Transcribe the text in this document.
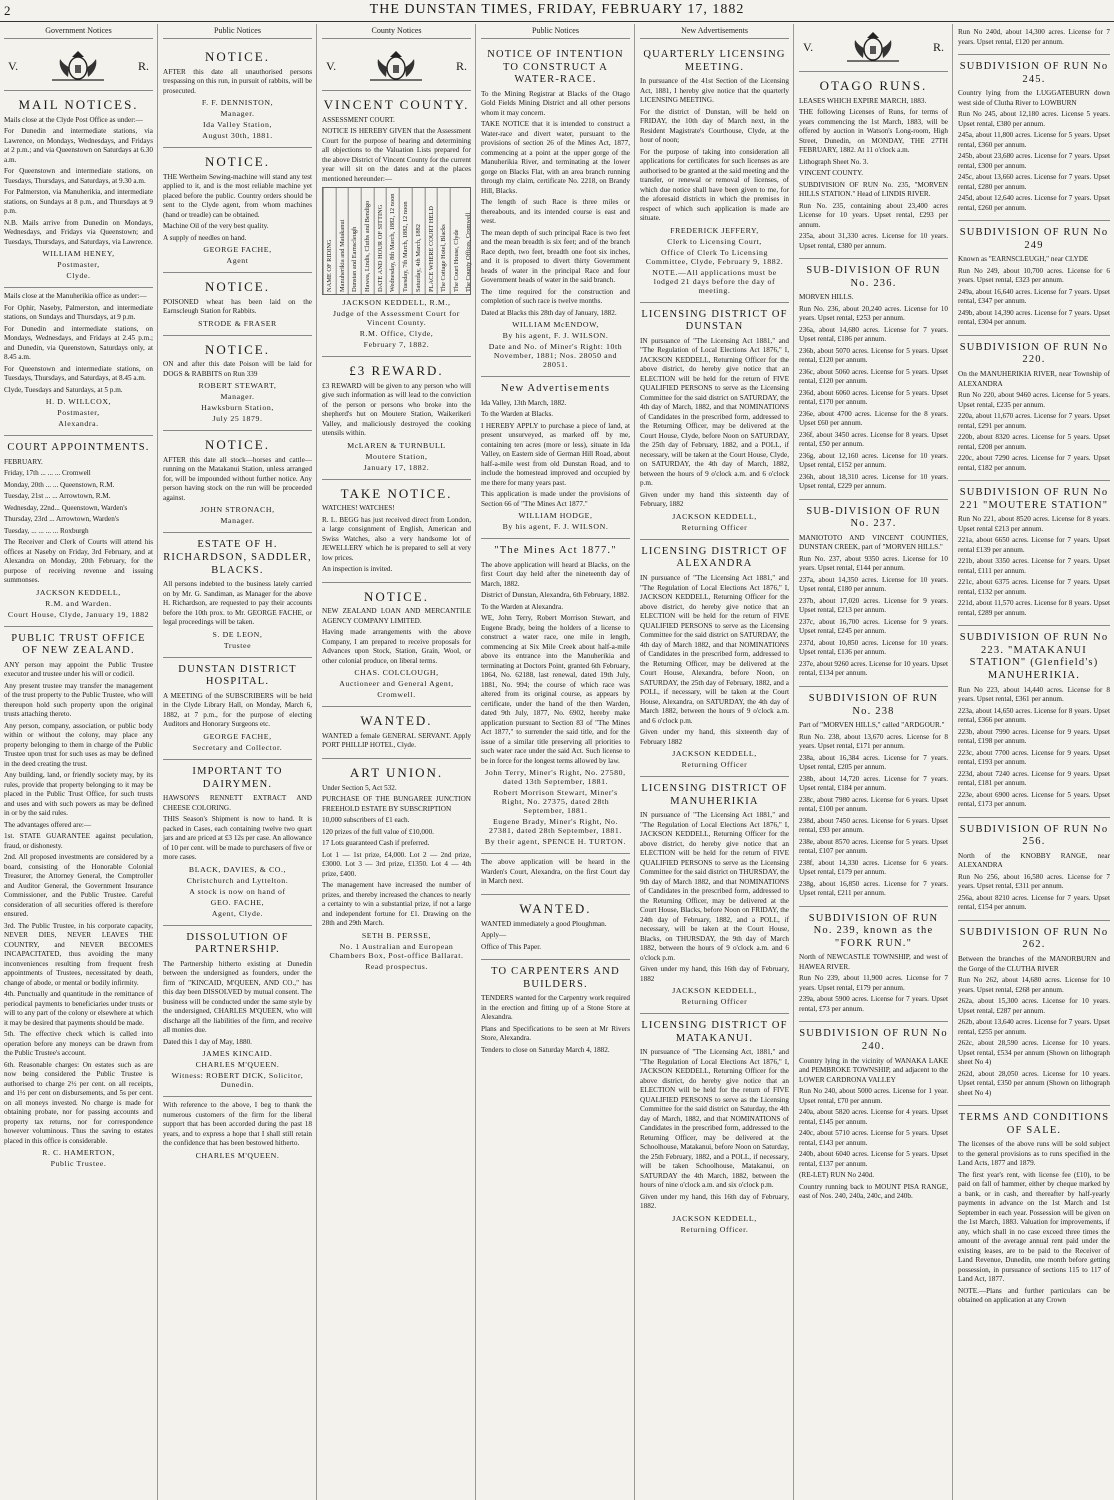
2	THE DUNSTAN TIMES, FRIDAY, FEBRUARY 17, 1882
Government Notices
V.	R.
MAIL NOTICES.

Mails close at the Clyde Post Office as under:—

For Dunedin and intermediate stations, via Lawrence, on Mondays, Wednesdays, and Fridays at 2 p.m.; and via Queenstown on Saturdays at 6.30 a.m.

For Queenstown and intermediate stations, on Tuesdays, Thursdays, and Saturdays, at 9.30 a.m.

For Palmerston, via Manuherikia, and intermediate stations, on Sundays at 8 p.m., and Thursdays at 9 p.m.

N.B. Mails arrive from Dunedin on Mondays, Wednesdays, and Fridays via Queenstown; and Tuesdays, Thursdays, and Saturdays, via Lawrence.

WILLIAM HENEY,
Postmaster,
Clyde.

Mails close at the Manuherikia office as under:—

For Ophir, Naseby, Palmerston, and intermediate stations, on Sundays and Thursdays, at 9 p.m.

For Dunedin and intermediate stations, on Mondays, Wednesdays, and Fridays at 2.45 p.m.; and Dunedin, via Queenstown, Saturdays only, at 8.45 a.m.

For Queenstown and intermediate stations, on Tuesdays, Thursdays, and Saturdays, at 8.45 a.m.

Clyde, Tuesdays and Saturdays, at 5 p.m.

H. D. WILLCOX,
Postmaster,
Alexandra.
COURT APPOINTMENTS.

FEBRUARY.

Friday, 17th ... ... ... Cromwell

Monday, 20th ... ... Queenstown, R.M.

Tuesday, 21st ... ... Arrowtown, R.M.

Wednesday, 22nd... Queenstown, Warden's

Thursday, 23rd ... Arrowtown, Warden's

Tuesday, ... ... ... ... Roxburgh

The Receiver and Clerk of Courts will attend his offices at Naseby on Friday, 3rd February, and at Alexandra on Monday, 20th February, for the purpose of receiving revenue and issuing summonses.

JACKSON KEDDELL,
R.M. and Warden.
Court House, Clyde, January 19, 1882
PUBLIC TRUST OFFICE OF NEW ZEALAND.

ANY person may appoint the Public Trustee executor and trustee under his will or codicil.

Any present trustee may transfer the management of the trust property to the Public Trustee, who will thereupon hold such property upon the original trusts attaching thereto.

Any person, company, association, or public body within or without the colony, may place any property belonging to them in charge of the Public Trustee upon trust for such uses as may be defined in the deed creating the trust.

Any building, land, or friendly society may, by its rules, provide that property belonging to it may be placed in the Public Trust Office, for such trusts and uses and with such powers as may be defined in or by the said rules.

The advantages offered are:—

1st. STATE GUARANTEE against peculation, fraud, or dishonesty.

2nd. All proposed investments are considered by a board, consisting of the Honorable Colonial Treasurer, the Attorney General, the Comptroller and Auditor General, the Government Insurance Commissioner, and the Public Trustee. Careful consideration of all securities offered is therefore ensured.

3rd. The Public Trustee, in his corporate capacity, NEVER DIES, NEVER LEAVES THE COUNTRY, and NEVER BECOMES INCAPACITATED, thus avoiding the many inconveniences resulting from frequent fresh appointments of Trustees, necessitated by death, change of abode, or mental or bodily infirmity.

4th. Punctually and quantitude in the remittance of periodical payments to beneficiaries under trusts or will to any part of the colony or elsewhere at which it may be desired that payments should be made.

5th. The effective check which is called into operation before any moneys can be drawn from the Public Trustee's account.

6th. Reasonable charges: On estates such as are now being considered the Public Trustee is authorised to charge 2½ per cent. on all receipts, and 1½ per cent on disbursements, and 5s per cent. on all moneys invested. No charge is made for obtaining probate, nor for passing accounts and property tax returns, nor for correspondence however voluminous. Thus the saving to estates placed in this office is considerable.

R. C. HAMERTON,
Public Trustee.
Public Notices
NOTICE.

AFTER this date all unauthorised persons trespassing on this run, in pursuit of rabbits, will be prosecuted.

F. F. DENNISTON,
Manager.
Ida Valley Station,
August 30th, 1881.
NOTICE.

THE Wertheim Sewing-machine will stand any test applied to it, and is the most reliable machine yet placed before the public. Country orders should be sent to the Clyde agent, from whom machines (hand or treadle) can be obtained.

Machine Oil of the very best quality.

A supply of needles on hand.

GEORGE FACHE,
Agent
NOTICE.

POISONED wheat has been laid on the Earnscleugh Station for Rabbits.

STRODE & FRASER
NOTICE.

ON and after this date Poison will be laid for DOGS & RABBITS on Run 339

ROBERT STEWART,
Manager.
Hawksburn Station,
July 25 1879.
NOTICE.

AFTER this date all stock—horses and cattle—running on the Matakanui Station, unless arranged for, will be impounded without further notice. Any person having stock on the run will be proceeded against.

JOHN STRONACH,
Manager.
ESTATE OF H. RICHARDSON, SADDLER, BLACKS.

All persons indebted to the business lately carried on by Mr. G. Sandiman, as Manager for the above H. Richardson, are requested to pay their accounts before the 10th prox. to Mr. GEORGE FACHE, or legal proceedings will be taken.

S. DE LEON,
Trustee
DUNSTAN DISTRICT HOSPITAL.

A MEETING of the SUBSCRIBERS will be held in the Clyde Library Hall, on Monday, March 6, 1882, at 7 p.m., for the purpose of electing Auditors and Honorary Surgeons etc.

GEORGE FACHE,
Secretary and Collector.
IMPORTANT TO DAIRYMEN.

HAWSON'S RENNETT EXTRACT AND CHEESE COLORING.

THIS Season's Shipment is now to hand. It is packed in Cases, each containing twelve two quart jars and are priced at £3 12s per case. An allowance of 10 per cent. will be made to purchasers of five or more cases.

BLACK, DAVIES, & CO.,
Christchurch and Lyttelton.
A stock is now on hand of
GEO. FACHE,
Agent, Clyde.
DISSOLUTION OF PARTNERSHIP.

The Partnership hitherto existing at Dunedin between the undersigned as founders, under the firm of "KINCAID, M'QUEEN, AND CO.," has this day been DISSOLVED by mutual consent. The business will be conducted under the same style by the undersigned, CHARLES M'QUEEN, who will discharge all the liabilities of the firm, and receive all monies due.

Dated this 1 day of May, 1880.

JAMES KINCAID.
CHARLES M'QUEEN.
Witness: ROBERT DICK, Solicitor, Dunedin.

With reference to the above, I beg to thank the numerous customers of the firm for the liberal support that has been accorded during the past 18 years, and to express a hope that I shall still retain the confidence that has been bestowed hitherto.

CHARLES M'QUEEN.
County Notices
V.	R.
VINCENT COUNTY.

ASSESSMENT COURT.

NOTICE IS HEREBY GIVEN that the Assessment Court for the purpose of hearing and determining all objections to the Valuation Lists prepared for the above District of Vincent County for the current year will sit on the dates and at the places mentioned hereunder:—

NAME OF RIDING Manuherikia and Matakanui Dunstan and Earnscleugh Hawea, Lindis, Cluths and Bendigo DATE AND HOUR OF SITTING Wednesday, 8th March, 1882, 12 noon Tuesday, 7th March, 1882, 12 noon Saturday, 4th March, 1882 PLACE WHERE COURT HELD The Cottage Hotel, Blacks The Court House, Clyde The County Offices, Cromwell
JACKSON KEDDELL, R.M.,
Judge of the Assessment Court for Vincent County.
R.M. Office, Clyde,
February 7, 1882.
£3 REWARD.

£3 REWARD will be given to any person who will give such information as will lead to the conviction of the person or persons who broke into the shepherd's hut on Moutere Station, Waikerikeri Valley, and maliciously destroyed the cooking utensils within.

McLAREN & TURNBULL
Moutere Station,
January 17, 1882.
TAKE NOTICE.

WATCHES! WATCHES!

R. L. BEGG has just received direct from London, a large consignment of English, American and Swiss Watches, also a very handsome lot of JEWELLERY which he is prepared to sell at very low prices.

An inspection is invited.

NOTICE.

NEW ZEALAND LOAN AND MERCANTILE AGENCY COMPANY LIMITED.

Having made arrangements with the above Company, I am prepared to receive proposals for Advances upon Stock, Station, Grain, Wool, or other colonial produce, on liberal terms.

CHAS. COLCLOUGH,
Auctioneer and General Agent,
Cromwell.
WANTED.

WANTED a female GENERAL SERVANT. Apply PORT PHILLIP HOTEL, Clyde.

ART UNION.

Under Section 5, Act 532.

PURCHASE OF THE BUNGAREE JUNCTION FREEHOLD ESTATE BY SUBSCRIPTION

10,000 subscribers of £1 each.

120 prizes of the full value of £10,000.

17 Lots guaranteed Cash if preferred.

Lot 1 — 1st prize, £4,000. Lot 2 — 2nd prize, £3000. Lot 3 — 3rd prize, £1350. Lot 4 — 4th prize, £400.

The management have increased the number of prizes, and thereby increased the chances to nearly a certainty to win a substantial prize, if not a large and independent fortune for £1. Drawing on the 28th and 29th March.

SETH B. PERSSE,
No. 1 Australian and European Chambers Box, Post-office Ballarat.
Read prospectus.
Public Notices
NOTICE OF INTENTION TO CONSTRUCT A WATER-RACE.

To the Mining Registrar at Blacks of the Otago Gold Fields Mining District and all other persons whom it may concern.

TAKE NOTICE that it is intended to construct a Water-race and divert water, pursuant to the provisions of section 26 of the Mines Act, 1877, commencing at a point at the upper gorge of the Manuherikia River, and terminating at the lower gorge on Blacks Flat, with an area branch running through my claim, certificate No. 2218, on Brandy Hill, Blacks.

The length of such Race is three miles or thereabouts, and its intended course is east and west.

The mean depth of such principal Race is two feet and the mean breadth is six feet; and of the branch Race depth, two feet, breadth one foot six inches, and it is proposed to divert thirty Government heads of water in the principal Race and four Government heads of water in the said branch.

The time required for the construction and completion of such race is twelve months.

Dated at Blacks this 28th day of January, 1882.

WILLIAM McENDOW,
By his agent, F. J. WILSON.
Date and No. of Miner's Right: 10th November, 1881; Nos. 28050 and 28051.
New Advertisements

Ida Valley, 13th March, 1882.

To the Warden at Blacks.

I HEREBY APPLY to purchase a piece of land, at present unsurveyed, as marked off by me, containing ten acres (more or less), situate in Ida Valley, on Eastern side of German Hill Road, about half-a-mile west from old Dunstan Road, and to include the homestead improved and occupied by me there for many years past.

This application is made under the provisions of Section 66 of "The Mines Act 1877."

WILLIAM HODGE,
By his agent, F. J. WILSON.
"The Mines Act 1877."

The above application will heard at Blacks, on the first Court day held after the nineteenth day of March, 1882.

District of Dunstan, Alexandra, 6th February, 1882.

To the Warden at Alexandra.

WE, John Terry, Robert Morrison Stewart, and Eugene Brady, being the holders of a license to construct a water race, one mile in length, commencing at Six Mile Creek about half-a-mile above its entrance into the Manuherikia and terminating at Doctors Point, granted 6th February, 1864, No. 62188, last renewal, dated 19th July, 1881, No. 994; the course of which race was altered from its original course, as appears by certificate, under the hand of the then Warden, dated 9th July, 1877, No. 6902, hereby make application pursuant to Section 83 of "The Mines Act 1877," to surrender the said title, and for the issue of a similar title preserving all priorities to such water race under the said Act. Such license to be in force for the longest terms allowed by law.

John Terry, Miner's Right, No. 27580, dated 13th September, 1881.
Robert Morrison Stewart, Miner's Right, No. 27375, dated 28th September, 1881.
Eugene Brady, Miner's Right, No. 27381, dated 28th September, 1881.
By their agent, SPENCE H. TURTON.

The above application will be heard in the Warden's Court, Alexandra, on the first Court day in March next.

WANTED.

WANTED immediately a good Ploughman.

Apply—

Office of This Paper.

TO CARPENTERS AND BUILDERS.

TENDERS wanted for the Carpentry work required in the erection and fitting up of a Stone Store at Alexandra.

Plans and Specifications to be seen at Mr Rivers Store, Alexandra.

Tenders to close on Saturday March 4, 1882.

New Advertisements
QUARTERLY LICENSING MEETING.

In pursuance of the 41st Section of the Licensing Act, 1881, I hereby give notice that the quarterly LICENSING MEETING.

For the district of Dunstan, will be held on FRIDAY, the 10th day of March next, in the Resident Magistrate's Courthouse, Clyde, at the hour of noon;

For the purpose of taking into consideration all applications for certificates for such licenses as are authorised to be granted at the said meeting and the transfer, or renewal or removal of licenses, of which due notice shall have been given to me, for the aforesaid districts in which the premises in respect of which such application is made are situate.

FREDERICK JEFFERY,
Clerk to Licensing Court,
Office of Clerk To Licensing Committee, Clyde, February 9, 1882.
NOTE.—All applications must be lodged 21 days before the day of meeting.
LICENSING DISTRICT OF DUNSTAN

IN pursuance of "The Licensing Act 1881," and "The Regulation of Local Elections Act 1876," I, JACKSON KEDDELL, Returning Officer for the above district, do hereby give notice that an ELECTION will be held for the return of FIVE QUALIFIED PERSONS to serve as the Licensing Committee for the said district on SATURDAY, the 4th day of March, 1882, and that NOMINATIONS of Candidates in the prescribed form, addressed to the Returning Officer, may be delivered at the Court House, Clyde, before Noon on SATURDAY, the 25th day of February, 1882, and a POLL, if necessary, will be taken at the Court House, Clyde, on SATURDAY, the 4th day of March, 1882, between the hours of 9 o'clock a.m. and 6 o'clock p.m.

Given under my hand this sixteenth day of February, 1882

JACKSON KEDDELL,
Returning Officer
LICENSING DISTRICT OF ALEXANDRA

IN pursuance of "The Licensing Act 1881," and "The Regulation of Local Elections Act 1876," I, JACKSON KEDDELL, Returning Officer for the above district, do hereby give notice that an ELECTION will be held for the return of FIVE QUALIFIED PERSONS to serve as the Licensing Committee for the said district on SATURDAY, the 4th day of March 1882, and that NOMINATIONS of Candidates in the prescribed form, addressed to the Returning Officer, may be delivered at the Court House, Alexandra, before Noon, on SATURDAY, the 25th day of February, 1882, and a POLL, if necessary, will be taken at the Court House, Alexandra, on SATURDAY, the 4th day of March 1882, between the hours of 9 o'clock a.m. and 6 o'clock p.m.

Given under my hand, this sixteenth day of February 1882

JACKSON KEDDELL,
Returning Officer
LICENSING DISTRICT OF MANUHERIKIA

IN pursuance of "The Licensing Act 1881," and "The Regulation of Local Elections Act 1876," I, JACKSON KEDDELL, Returning Officer for the above district, do hereby give notice that an ELECTION will be held for the return of FIVE QUALIFIED PERSONS to serve as the Licensing Committee for the said district on THURSDAY, the 9th day of March 1882, and that NOMINATIONS of Candidates in the prescribed form, addressed to the Returning Officer, may be delivered at the Court House, Blacks, before Noon on FRIDAY, the 24th day of February, 1882, and a POLL, if necessary, will be taken at the Court House, Blacks, on THURSDAY, the 9th day of March 1882, between the hours of 9 o'clock a.m. and 6 o'clock p.m.

Given under my hand, this 16th day of February, 1882

JACKSON KEDDELL,
Returning Officer
LICENSING DISTRICT OF MATAKANUI.

IN pursuance of "The Licensing Act, 1881," and "The Regulation of Local Elections Act 1876," I, JACKSON KEDDELL, Returning Officer for the above district, do hereby give notice that an ELECTION will be held for the return of FIVE QUALIFIED PERSONS to serve as the Licensing Committee for the said district on Saturday, the 4th day of March, 1882, and that NOMINATIONS of Candidates in the prescribed form, addressed to the Returning Officer, may be delivered at the Schoolhouse, Matakanui, before Noon on Saturday, the 25th February, 1882, and a POLL, if necessary, will be taken Schoolhouse, Matakanui, on SATURDAY the 4th March, 1882, between the hours of nine o'clock a.m. and six o'clock p.m.

Given under my hand, this 16th day of February, 1882.

JACKSON KEDDELL,
Returning Officer.
V.	R.
OTAGO RUNS.

LEASES WHICH EXPIRE MARCH, 1883.

THE following Licenses of Runs, for terms of years commencing the 1st March, 1883, will be offered by auction in Watson's Long-room, High Street, Dunedin, on MONDAY, THE 27TH FEBRUARY, 1882. At 11 o'clock a.m.

Lithograph Sheet No. 3.

VINCENT COUNTY.

SUBDIVISION OF RUN No. 235, "MORVEN HILLS STATION." Head of LINDIS RIVER.

Run No. 235, containing about 23,400 acres License for 10 years. Upset rental, £293 per annum.

235a, about 31,330 acres. License for 10 years. Upset rental, £380 per annum.

SUB-DIVISION OF RUN No. 236.

MORVEN HILLS.

Run No. 236, about 20,240 acres. License for 10 years. Upset rental, £253 per annum.

236a, about 14,680 acres. License for 7 years. Upset rental, £186 per annum.

236b, about 5070 acres. License for 5 years. Upset rental, £120 per annum.

236c, about 5060 acres. License for 5 years. Upset rental, £120 per annum.

236d, about 6060 acres. License for 5 years. Upset rental, £170 per annum.

236e, about 4700 acres. License for the 8 years. Upset £60 per annum.

236f, about 3450 acres. License for 8 years. Upset rental, £50 per annum.

236g, about 12,160 acres. License for 10 years. Upset rental, £152 per annum.

236h, about 18,310 acres. License for 10 years. Upset rental, £229 per annum.

SUB-DIVISION OF RUN No. 237.

MANIOTOTO AND VINCENT COUNTIES, DUNSTAN CREEK, part of "MORVEN HILLS."

Run No. 237, about 9350 acres. License for 10 years. Upset rental, £144 per annum.

237a, about 14,350 acres. License for 10 years. Upset rental, £180 per annum.

237b, about 17,020 acres. License for 9 years. Upset rental, £213 per annum.

237c, about 16,700 acres. License for 9 years. Upset rental, £245 per annum.

237d, about 10,850 acres. License for 10 years. Upset rental, £136 per annum.

237e, about 9260 acres. License for 10 years. Upset rental, £134 per annum.

SUBDIVISION OF RUN No. 238

Part of "MORVEN HILLS," called "ARDGOUR."

Run No. 238, about 13,670 acres. License for 8 years. Upset rental, £171 per annum.

238a, about 16,384 acres. License for 7 years. Upset rental, £205 per annum.

238b, about 14,720 acres. License for 7 years. Upset rental, £184 per annum.

238c, about 7980 acres. License for 6 years. Upset rental, £100 per annum.

238d, about 7450 acres. License for 6 years. Upset rental, £93 per annum.

238e, about 8570 acres. License for 5 years. Upset rental, £107 per annum.

238f, about 14,330 acres. License for 6 years. Upset rental, £179 per annum.

238g, about 16,850 acres. License for 7 years. Upset rental, £211 per annum.

SUBDIVISION OF RUN No. 239, known as the "FORK RUN."

North of NEWCASTLE TOWNSHIP, and west of HAWEA RIVER.

Run No 239, about 11,900 acres. License for 7 years. Upset rental, £179 per annum.

239a, about 5900 acres. License for 7 years. Upset rental, £73 per annum.

SUBDIVISION OF RUN No 240.

Country lying in the vicinity of WANAKA LAKE and PEMBROKE TOWNSHIP, and adjacent to the LOWER CARDRONA VALLEY

Run No 240, about 5000 acres. License for 1 year. Upset rental, £70 per annum.

240a, about 5820 acres. License for 4 years. Upset rental, £145 per annum.

240c, about 5710 acres. License for 5 years. Upset rental, £143 per annum.

240b, about 6040 acres. License for 5 years. Upset rental, £137 per annum.

(RE-LET) RUN No 240d.

Country running back to MOUNT PISA RANGE, east of Nos. 240, 240a, 240c, and 240b.

Run No 240d, about 14,300 acres. License for 7 years. Upset rental, £120 per annum.

SUBDIVISION OF RUN No 245.

Country lying from the LUGGATEBURN down west side of Clutha River to LOWBURN

Run No 245, about 12,180 acres. License 5 years. Upset rental, £380 per annum.

245a, about 11,800 acres. License for 5 years. Upset rental, £360 per annum.

245b, about 23,680 acres. License for 7 years. Upset rental, £300 per annum.

245c, about 13,660 acres. License for 7 years. Upset rental, £280 per annum.

245d, about 12,640 acres. License for 7 years. Upset rental, £260 per annum.

SUBDIVISION OF RUN No 249

Known as "EARNSCLEUGH," near CLYDE

Run No 249, about 10,700 acres. License for 6 years. Upset rental, £323 per annum.

249a, about 16,640 acres. License for 7 years. Upset rental, £347 per annum.

249b, about 14,390 acres. License for 7 years. Upset rental, £304 per annum.

SUBDIVISION OF RUN No 220.

On the MANUHERIKIA RIVER, near Township of ALEXANDRA

Run No 220, about 9460 acres. License for 5 years. Upset rental, £235 per annum.

220a, about 11,670 acres. License for 7 years. Upset rental, £291 per annum.

220b, about 8320 acres. License for 5 years. Upset rental, £208 per annum.

220c, about 7290 acres. License for 7 years. Upset rental, £182 per annum.

SUBDIVISION OF RUN No 221 "MOUTERE STATION"

Run No 221, about 8520 acres. License for 8 years. Upset rental £213 per annum.

221a, about 6650 acres. License for 7 years. Upset rental £139 per annum.

221b, about 3350 acres. License for 7 years. Upset rental, £111 per annum.

221c, about 6375 acres. License for 7 years. Upset rental, £132 per annum.

221d, about 11,570 acres. License for 8 years. Upset rental, £289 per annum.

SUBDIVISION OF RUN No 223. "MATAKANUI STATION" (Glenfield's) MANUHERIKIA.

Run No 223, about 14,440 acres. License for 8 years. Upset rental, £361 per annum.

223a, about 14,650 acres. License for 8 years. Upset rental, £366 per annum.

223b, about 7990 acres. License for 9 years. Upset rental, £198 per annum.

223c, about 7700 acres. License for 9 years. Upset rental, £193 per annum.

223d, about 7240 acres. License for 9 years. Upset rental, £181 per annum.

223e, about 6900 acres. License for 5 years. Upset rental, £173 per annum.

SUBDIVISION OF RUN No 256.

North of the KNOBBY RANGE, near ALEXANDRA

Run No 256, about 16,580 acres. License for 7 years. Upset rental, £311 per annum.

256a, about 8210 acres. License for 7 years. Upset rental, £154 per annum.

SUBDIVISION OF RUN No 262.

Between the branches of the MANORBURN and the Gorge of the CLUTHA RIVER

Run No 262, about 14,680 acres. License for 10 years. Upset rental, £268 per annum.

262a, about 15,300 acres. License for 10 years. Upset rental, £287 per annum.

262b, about 13,640 acres. License for 7 years. Upset rental, £255 per annum.

262c, about 28,590 acres. License for 10 years. Upset rental, £534 per annum (Shown on lithograph sheet No 4)

262d, about 28,050 acres. License for 10 years. Upset rental, £350 per annum (Shown on lithograph sheet No 4)

TERMS AND CONDITIONS OF SALE.

The licenses of the above runs will be sold subject to the general provisions as to runs specified in the Land Acts, 1877 and 1879.

The first year's rent, with license fee (£10), to be paid on fall of hammer, either by cheque marked by a bank, or in cash, and thereafter by half-yearly payments in advance on the 1st March and 1st September in each year. Possession will be given on the 1st March, 1883. Valuation for improvements, if any, which shall in no case exceed three times the amount of the average annual rent paid under the existing leases, are to be paid to the Receiver of Land Revenue, Dunedin, one month before getting possession, in pursuance of sections 115 to 117 of Land Act, 1877.

NOTE.—Plans and further particulars can be obtained on application at any Crown
